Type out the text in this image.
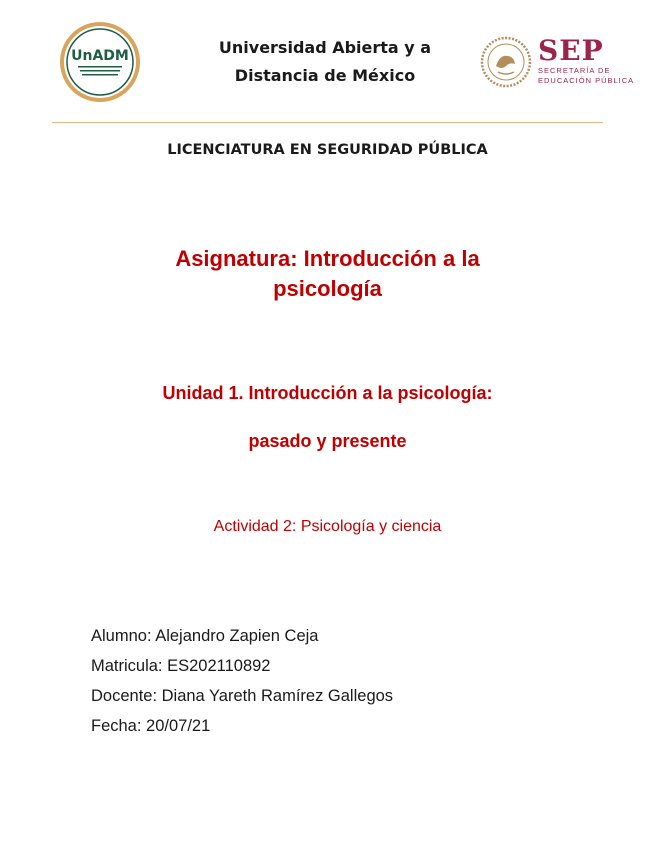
UnADM	Universidad Abierta y a
Distancia de México
SEP
SECRETARÍA DE
EDUCACIÓN PÚBLICA
LICENCIATURA EN SEGURIDAD PÚBLICA
Asignatura: Introducción a la psicología
Unidad 1. Introducción a la psicología:
pasado y presente
Actividad 2: Psicología y ciencia
Alumno: Alejandro Zapien Ceja
Matricula: ES202110892
Docente: Diana Yareth Ramírez Gallegos
Fecha: 20/07/21
